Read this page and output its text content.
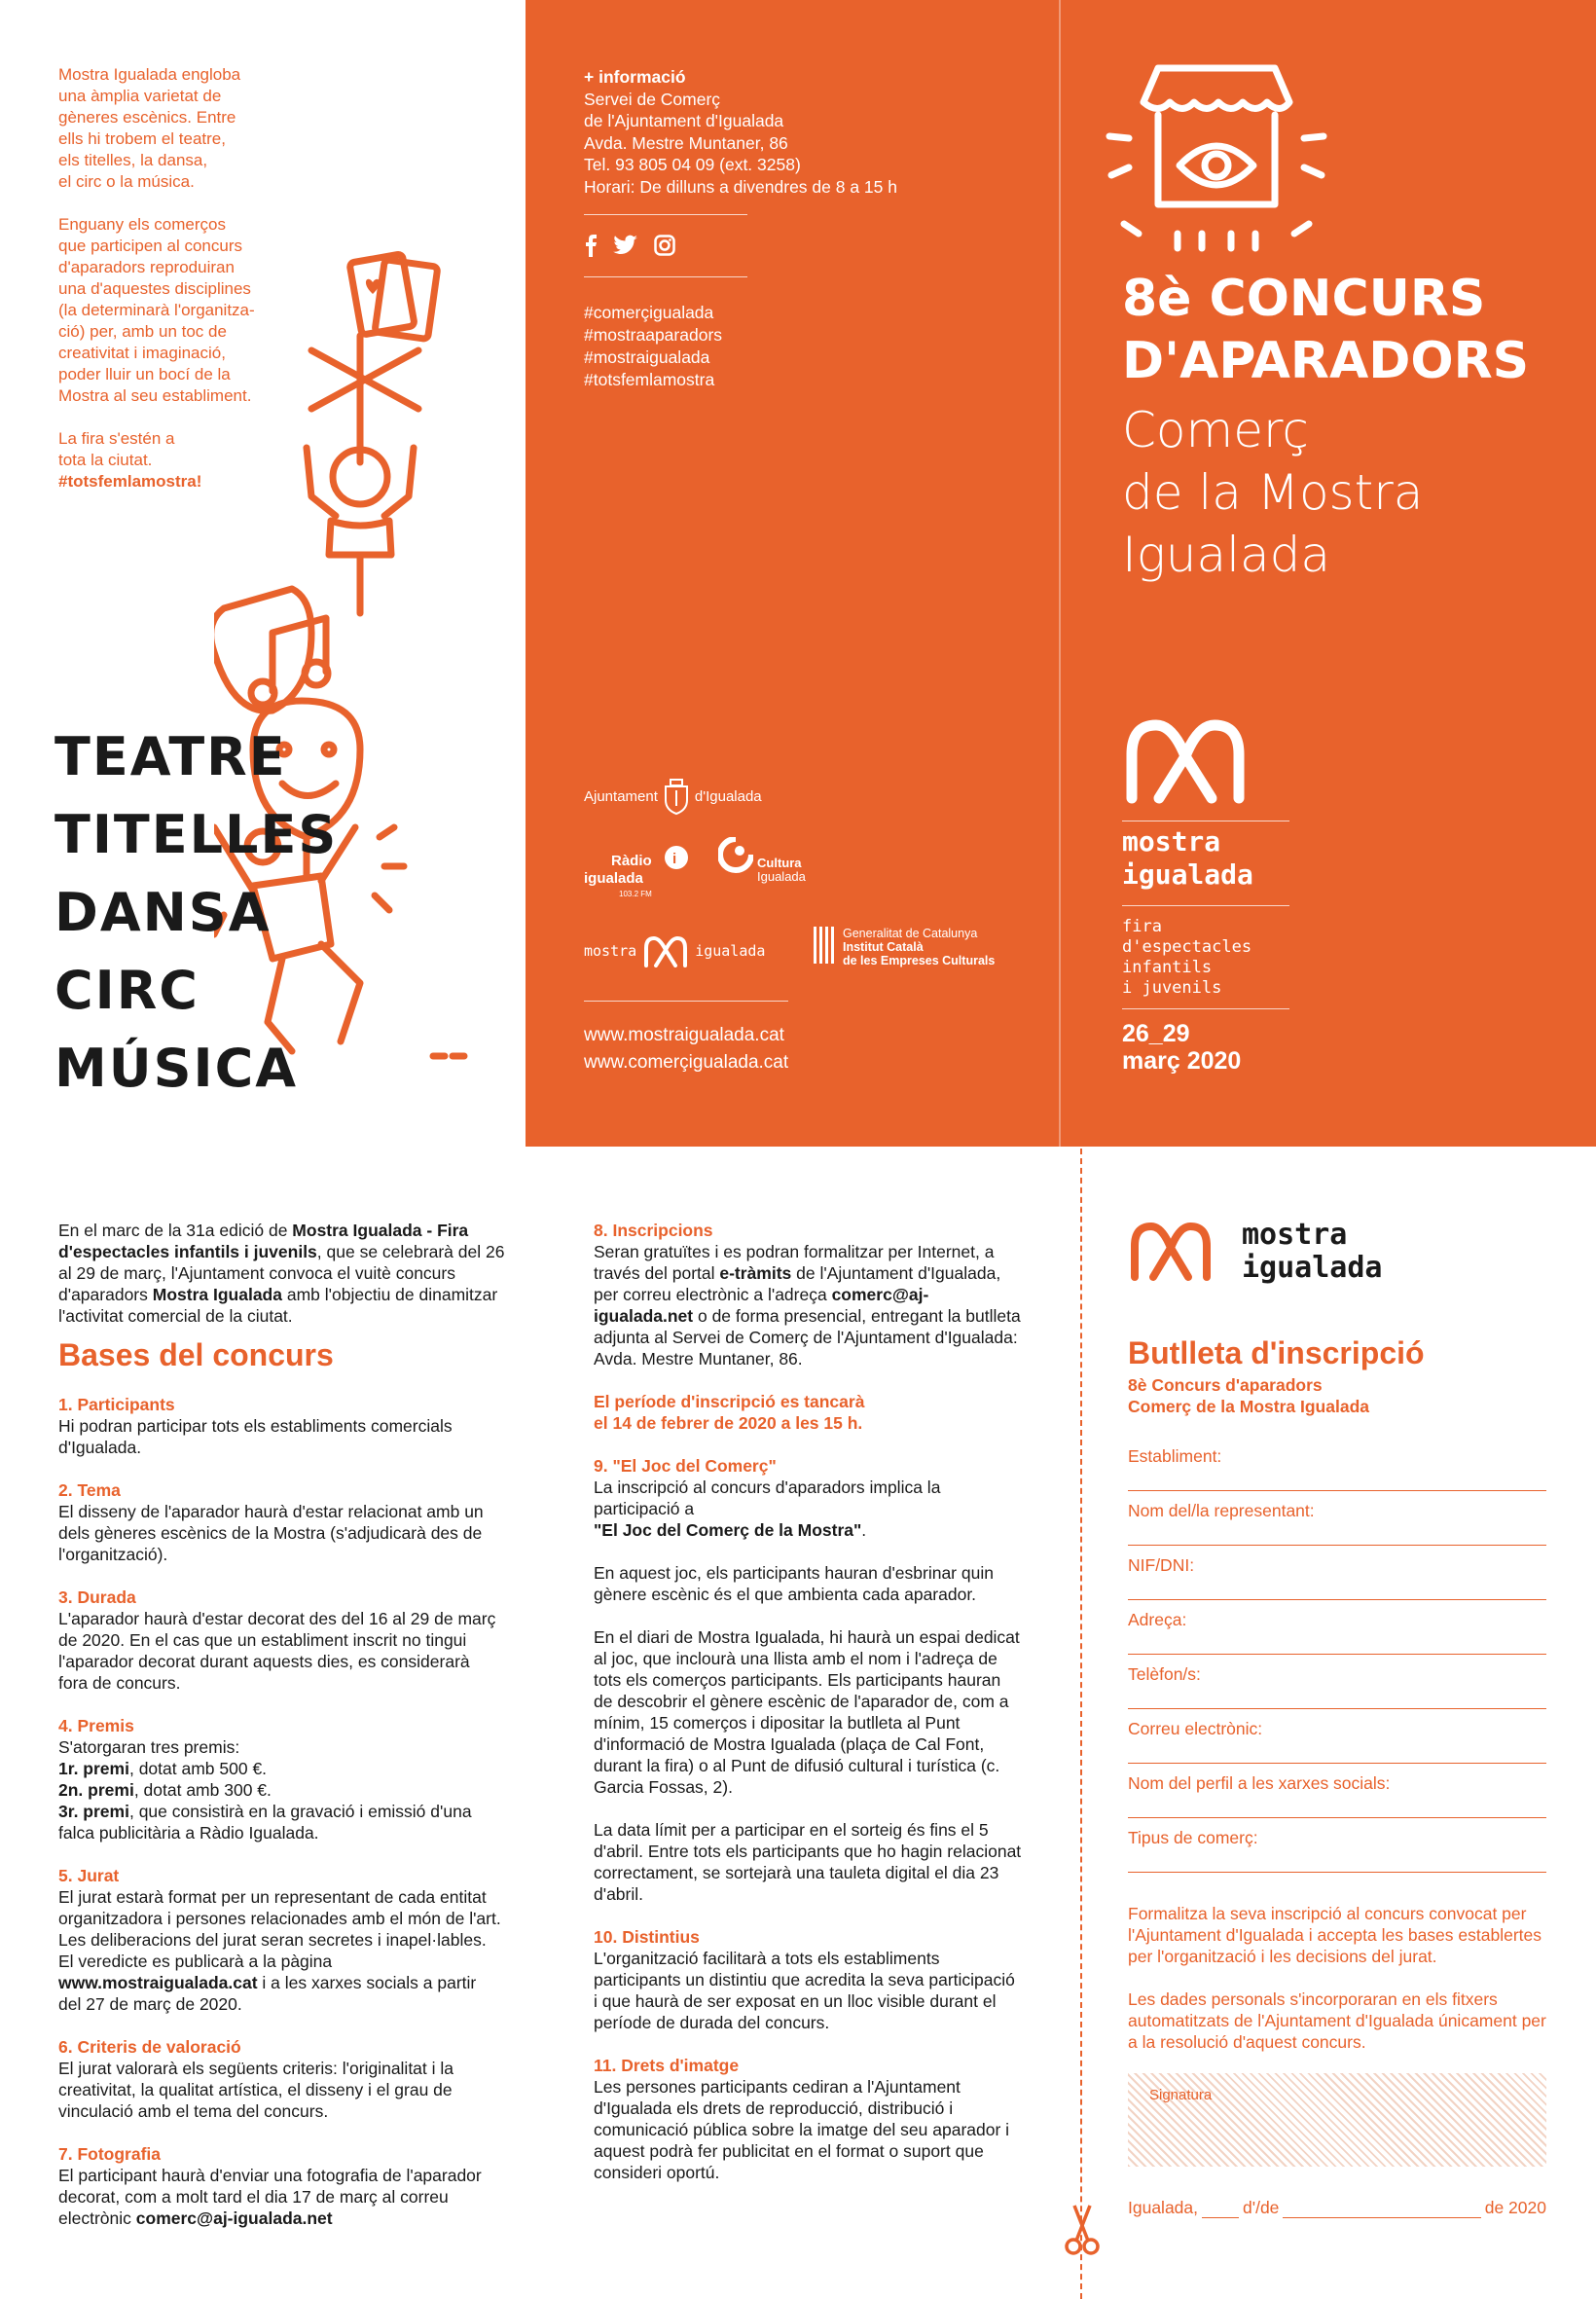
Mostra Igualada engloba
una àmplia varietat de
gèneres escènics. Entre
ells hi trobem el teatre,
els titelles, la dansa,
el circ o la música.
Enguany els comerços
que participen al concurs
d'aparadors reproduiran
una d'aquestes disciplines
(la determinarà l'organitza-
ció) per, amb un toc de
creativitat i imaginació,
poder lluir un bocí de la
Mostra al seu establiment.
La fira s'estén a
tota la ciutat.
#totsfemlamostra!
TEATRE
TITELLES
DANSA
CIRC
MÚSICA
+ informació
Servei de Comerç
de l'Ajuntament d'Igualada
Avda. Mestre Muntaner, 86
Tel. 93 805 04 09 (ext. 3258)
Horari: De dilluns a divendres de 8 a 15 h
#comerçigualada
#mostraaparadors
#mostraigualada
#totsfemlamostra
Ajuntament	d'Igualada
Ràdio i
igualada
103.2 FM
Cultura
Igualada
mostra	igualada
Generalitat de Catalunya
Institut Català
de les Empreses Culturals
www.mostraigualada.cat
www.comerçigualada.cat
8è CONCURS
D'APARADORS
Comerç
de la Mostra
Igualada
mostra
igualada
fira
d'espectacles
infantils
i juvenils
26_29
març 2020
En el marc de la 31a edició de Mostra Igualada - Fira d'espectacles infantils i juvenils, que se celebrarà del 26 al 29 de març, l'Ajuntament convoca el vuitè concurs d'aparadors Mostra Igualada amb l'objectiu de dinamitzar l'activitat comercial de la ciutat.
Bases del concurs
1. Participants
Hi podran participar tots els establiments comercials d'Igualada.
2. Tema
El disseny de l'aparador haurà d'estar relacionat amb un dels gèneres escènics de la Mostra (s'adjudicarà des de l'organització).
3. Durada
L'aparador haurà d'estar decorat des del 16 al 29 de març de 2020. En el cas que un establiment inscrit no tingui l'aparador decorat durant aquests dies, es considerarà fora de concurs.
4. Premis
S'atorgaran tres premis:
1r. premi, dotat amb 500 €.
2n. premi, dotat amb 300 €.
3r. premi, que consistirà en la gravació i emissió d'una falca publicitària a Ràdio Igualada.
5. Jurat
El jurat estarà format per un representant de cada entitat organitzadora i persones relacionades amb el món de l'art. Les deliberacions del jurat seran secretes i inapel·lables. El veredicte es publicarà a la pàgina www.mostraigualada.cat i a les xarxes socials a partir del 27 de març de 2020.
6. Criteris de valoració
El jurat valorarà els següents criteris: l'originalitat i la creativitat, la qualitat artística, el disseny i el grau de vinculació amb el tema del concurs.
7. Fotografia
El participant haurà d'enviar una fotografia de l'aparador decorat, com a molt tard el dia 17 de març al correu electrònic comerc@aj-igualada.net
8. Inscripcions
Seran gratuïtes i es podran formalitzar per Internet, a través del portal e-tràmits de l'Ajuntament d'Igualada, per correu electrònic a l'adreça comerc@aj-igualada.net o de forma presencial, entregant la butlleta adjunta al Servei de Comerç de l'Ajuntament d'Igualada: Avda. Mestre Muntaner, 86.
El període d'inscripció es tancarà
el 14 de febrer de 2020 a les 15 h.
9. "El Joc del Comerç"
La inscripció al concurs d'aparadors implica la participació a
"El Joc del Comerç de la Mostra".
En aquest joc, els participants hauran d'esbrinar quin gènere escènic és el que ambienta cada aparador.
En el diari de Mostra Igualada, hi haurà un espai dedicat al joc, que inclourà una llista amb el nom i l'adreça de tots els comerços participants. Els participants hauran de descobrir el gènere escènic de l'aparador de, com a mínim, 15 comerços i dipositar la butlleta al Punt d'informació de Mostra Igualada (plaça de Cal Font, durant la fira) o al Punt de difusió cultural i turística (c. Garcia Fossas, 2).
La data límit per a participar en el sorteig és fins el 5 d'abril. Entre tots els participants que ho hagin relacionat correctament, se sortejarà una tauleta digital el dia 23 d'abril.
10. Distintius
L'organització facilitarà a tots els establiments participants un distintiu que acredita la seva participació i que haurà de ser exposat en un lloc visible durant el període de durada del concurs.
11. Drets d'imatge
Les persones participants cediran a l'Ajuntament d'Igualada els drets de reproducció, distribució i comunicació pública sobre la imatge del seu aparador i aquest podrà fer publicitat en el format o suport que consideri oportú.
mostra
igualada
Butlleta d'inscripció
8è Concurs d'aparadors
Comerç de la Mostra Igualada
Establiment:
Nom del/la representant:
NIF/DNI:
Adreça:
Telèfon/s:
Correu electrònic:
Nom del perfil a les xarxes socials:
Tipus de comerç:
Formalitza la seva inscripció al concurs convocat per l'Ajuntament d'Igualada i accepta les bases establertes per l'organització i les decisions del jurat.
Les dades personals s'incorporaran en els fitxers automatitzats de l'Ajuntament d'Igualada únicament per a la resolució d'aquest concurs.
Signatura
Igualada,	d'/de	de 2020
